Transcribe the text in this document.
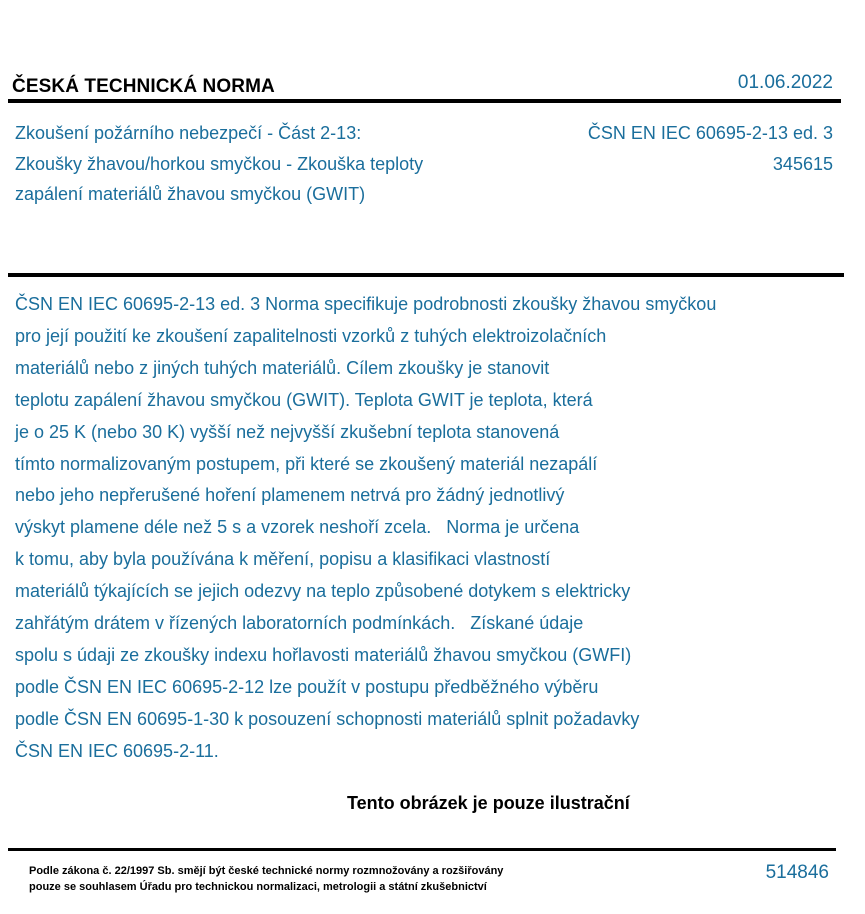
ČESKÁ TECHNICKÁ NORMA	01.06.2022
Zkoušení požárního nebezpečí - Část 2-13:
Zkoušky žhavou/horkou smyčkou - Zkouška teploty
zapálení materiálů žhavou smyčkou (GWIT)
ČSN EN IEC 60695-2-13 ed. 3
345615
ČSN EN IEC 60695-2-13 ed. 3 Norma specifikuje podrobnosti zkoušky žhavou smyčkou
pro její použití ke zkoušení zapalitelnosti vzorků z tuhých elektroizolačních
materiálů nebo z jiných tuhých materiálů. Cílem zkoušky je stanovit
teplotu zapálení žhavou smyčkou (GWIT). Teplota GWIT je teplota, která
je o 25 K (nebo 30 K) vyšší než nejvyšší zkušební teplota stanovená
tímto normalizovaným postupem, při které se zkoušený materiál nezapálí
nebo jeho nepřerušené hoření plamenem netrvá pro žádný jednotlivý
výskyt plamene déle než 5 s a vzorek neshoří zcela.   Norma je určena
k tomu, aby byla používána k měření, popisu a klasifikaci vlastností
materiálů týkajících se jejich odezvy na teplo způsobené dotykem s elektricky
zahřátým drátem v řízených laboratorních podmínkách.   Získané údaje
spolu s údaji ze zkoušky indexu hořlavosti materiálů žhavou smyčkou (GWFI)
podle ČSN EN IEC 60695-2-12 lze použít v postupu předběžného výběru
podle ČSN EN 60695-1-30 k posouzení schopnosti materiálů splnit požadavky
ČSN EN IEC 60695-2-11.
Tento obrázek je pouze ilustrační
Podle zákona č. 22/1997 Sb. smějí být české technické normy rozmnožovány a rozšiřovány
pouze se souhlasem Úřadu pro technickou normalizaci, metrologii a státní zkušebnictví
514846
